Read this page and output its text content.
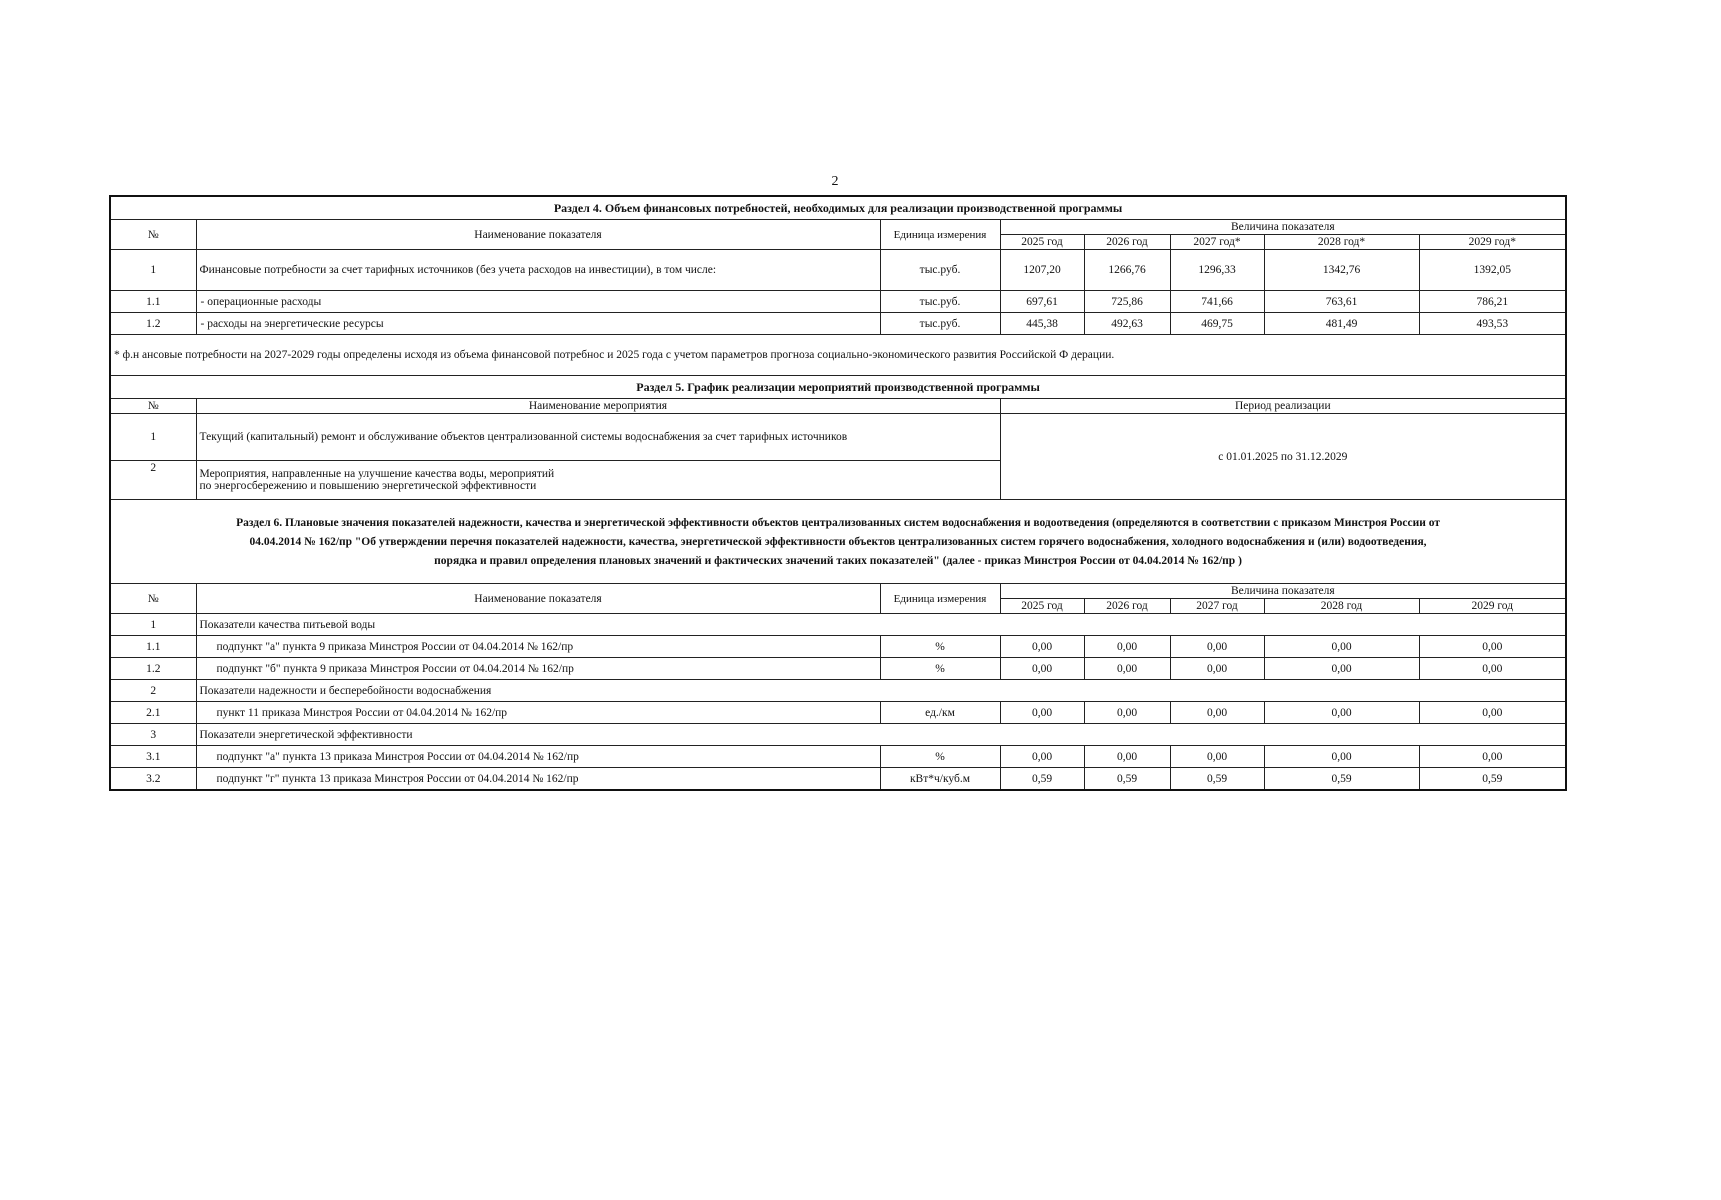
2
Раздел 4. Объем финансовых потребностей, необходимых для реализации производственной программы							
№	Наименование показателя	Единица измерения	Величина показателя				
			2025 год	2026 год	2027 год*	2028 год*	2029 год*
1	Финансовые потребности за счет тарифных источников (без учета расходов на инвестиции), в том числе:	тыс.руб.	1207,20	1266,76	1296,33	1342,76	1392,05
1.1	- операционные расходы	тыс.руб.	697,61	725,86	741,66	763,61	786,21
1.2	- расходы на энергетические ресурсы	тыс.руб.	445,38	492,63	469,75	481,49	493,53
* ф.н ансовые потребности на 2027-2029 годы определены исходя из объема финансовой потребнос и 2025 года с учетом параметров прогноза социально-экономического развития Российской Ф дерации.							
Раздел 5. График реализации мероприятий производственной программы							
№	Наименование мероприятия		Период реализации				
1	Текущий (капитальный) ремонт и обслуживание объектов централизованной системы водоснабжения за счет тарифных источников		с 01.01.2025 по 31.12.2029				
2	Мероприятия, направленные на улучшение качества воды, мероприятий
по энергосбережению и повышению энергетической эффективности						

Раздел 6. Плановые значения показателей надежности, качества и энергетической эффективности объектов централизованных систем водоснабжения и водоотведения (определяются в соответствии с приказом Минстроя России от
04.04.2014 № 162/пр "Об утверждении перечня показателей надежности, качества, энергетической эффективности объектов централизованных систем горячего водоснабжения, холодного водоснабжения и (или) водоотведения,
порядка и правил определения плановых значений и фактических значений таких показателей" (далее - приказ Минстроя России от 04.04.2014 № 162/пр )							

№	Наименование показателя	Единица измерения	Величина показателя				
			2025 год	2026 год	2027 год	2028 год	2029 год
1	Показатели качества питьевой воды						
1.1	подпункт "а" пункта 9 приказа Минстроя России от 04.04.2014 № 162/пр	%	0,00	0,00	0,00	0,00	0,00
1.2	подпункт "б" пункта 9 приказа Минстроя России от 04.04.2014 № 162/пр	%	0,00	0,00	0,00	0,00	0,00
2	Показатели надежности и бесперебойности водоснабжения						
2.1	пункт 11 приказа Минстроя России от 04.04.2014 № 162/пр	ед./км	0,00	0,00	0,00	0,00	0,00
3	Показатели энергетической эффективности						
3.1	подпункт "а" пункта 13 приказа Минстроя России от 04.04.2014 № 162/пр	%	0,00	0,00	0,00	0,00	0,00
3.2	подпункт "г" пункта 13 приказа Минстроя России от 04.04.2014 № 162/пр	кВт*ч/куб.м	0,59	0,59	0,59	0,59	0,59
